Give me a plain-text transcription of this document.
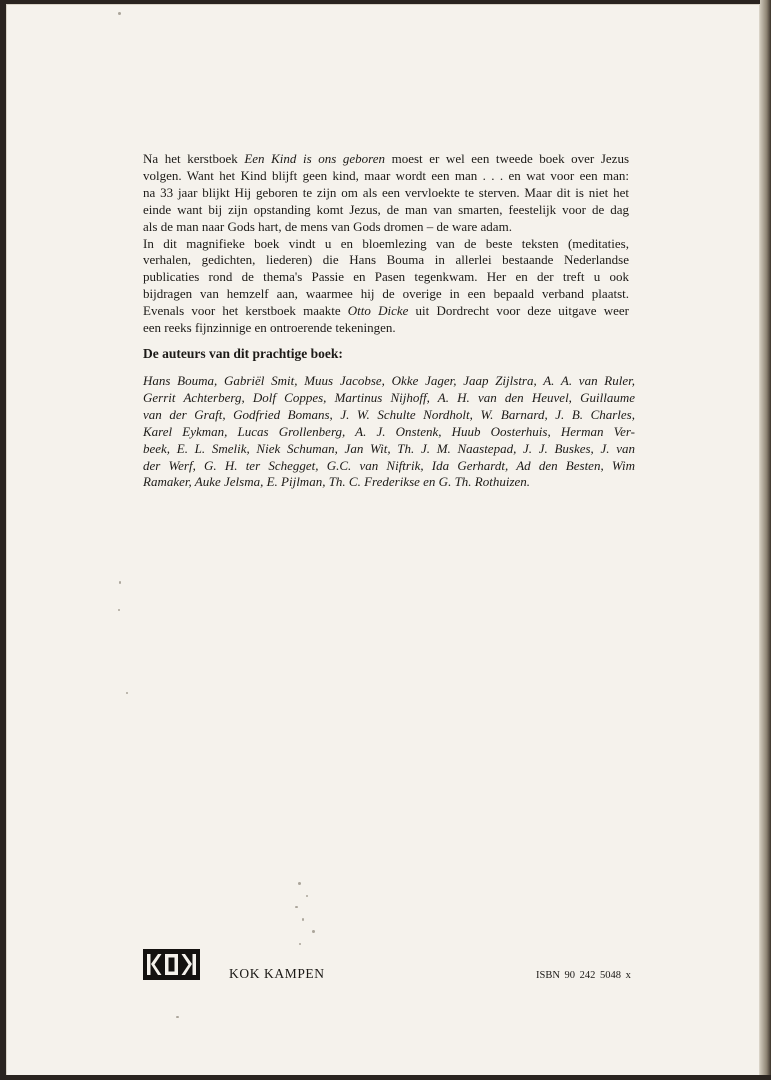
Na het kerstboek Een Kind is ons geboren moest er wel een tweede boek over Jezus
volgen. Want het Kind blijft geen kind, maar wordt een man . . . en wat voor een man:
na 33 jaar blijkt Hij geboren te zijn om als een vervloekte te sterven. Maar dit is niet het
einde want bij zijn opstanding komt Jezus, de man van smarten, feestelijk voor de dag
als de man naar Gods hart, de mens van Gods dromen – de ware adam.

In dit magnifieke boek vindt u en bloemlezing van de beste teksten (meditaties,
verhalen, gedichten, liederen) die Hans Bouma in allerlei bestaande Nederlandse
publicaties rond de thema's Passie en Pasen tegenkwam. Her en der treft u ook
bijdragen van hemzelf aan, waarmee hij de overige in een bepaald verband plaatst.

Evenals voor het kerstboek maakte Otto Dicke uit Dordrecht voor deze uitgave weer
een reeks fijnzinnige en ontroerende tekeningen.

De auteurs van dit prachtige boek:
Hans Bouma, Gabriël Smit, Muus Jacobse, Okke Jager, Jaap Zijlstra, A. A. van Ruler,
Gerrit Achterberg, Dolf Coppes, Martinus Nijhoff, A. H. van den Heuvel, Guillaume
van der Graft, Godfried Bomans, J. W. Schulte Nordholt, W. Barnard, J. B. Charles,
Karel Eykman, Lucas Grollenberg, A. J. Onstenk, Huub Oosterhuis, Herman Ver-
beek, E. L. Smelik, Niek Schuman, Jan Wit, Th. J. M. Naastepad, J. J. Buskes, J. van
der Werf, G. H. ter Schegget, G.C. van Niftrik, Ida Gerhardt, Ad den Besten, Wim
Ramaker, Auke Jelsma, E. Pijlman, Th. C. Frederikse en G. Th. Rothuizen.
KOK KAMPEN	ISBN 90 242 5048 x
